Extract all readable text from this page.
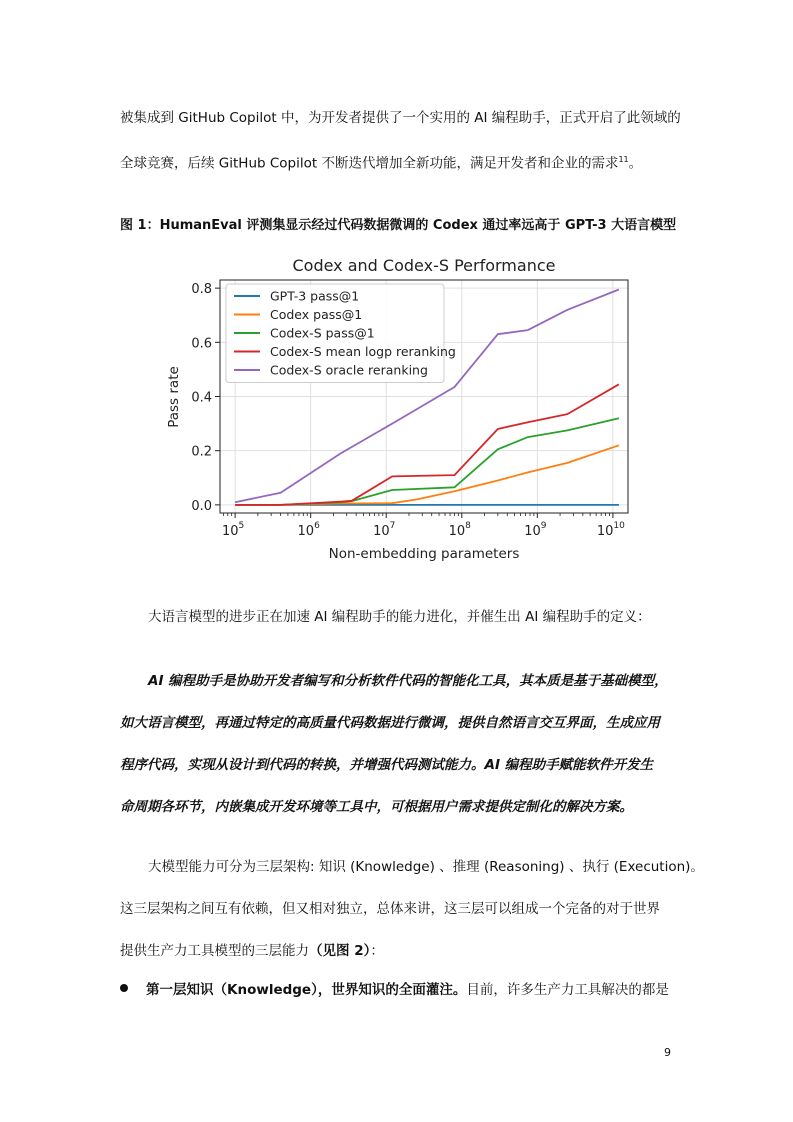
被集成到 GitHub Copilot 中，为开发者提供了一个实用的 AI 编程助手，正式开启了此领域的
全球竞赛，后续 GitHub Copilot 不断迭代增加全新功能，满足开发者和企业的需求$^{11}$。
图 1：HumanEval 评测集显示经过代码数据微调的 Codex 通过率远高于 GPT-3 大语言模型
Codex and Codex-S Performance
Pass rate
Non-embedding parameters
0.0
0.2
0.4
0.6
0.8
$10^5$	$10^6$	$10^7$	$10^8$	$10^9$	$10^{10}$
GPT-3 pass@1
Codex pass@1
Codex-S pass@1
Codex-S mean logp reranking
Codex-S oracle reranking
大语言模型的进步正在加速 AI 编程助手的能力进化，并催生出 AI 编程助手的定义：
AI 编程助手是协助开发者编写和分析软件代码的智能化工具，其本质是基于基础模型，
如大语言模型，再通过特定的高质量代码数据进行微调，提供自然语言交互界面，生成应用
程序代码，实现从设计到代码的转换，并增强代码测试能力。AI 编程助手赋能软件开发生
命周期各环节，内嵌集成开发环境等工具中，可根据用户需求提供定制化的解决方案。
大模型能力可分为三层架构: 知识 (Knowledge) 、推理 (Reasoning) 、执行 (Execution)。
这三层架构之间互有依赖，但又相对独立，总体来讲，这三层可以组成一个完备的对于世界
提供生产力工具模型的三层能力（见图 2）：
第一层知识（Knowledge），世界知识的全面灌注。目前，许多生产力工具解决的都是
9
